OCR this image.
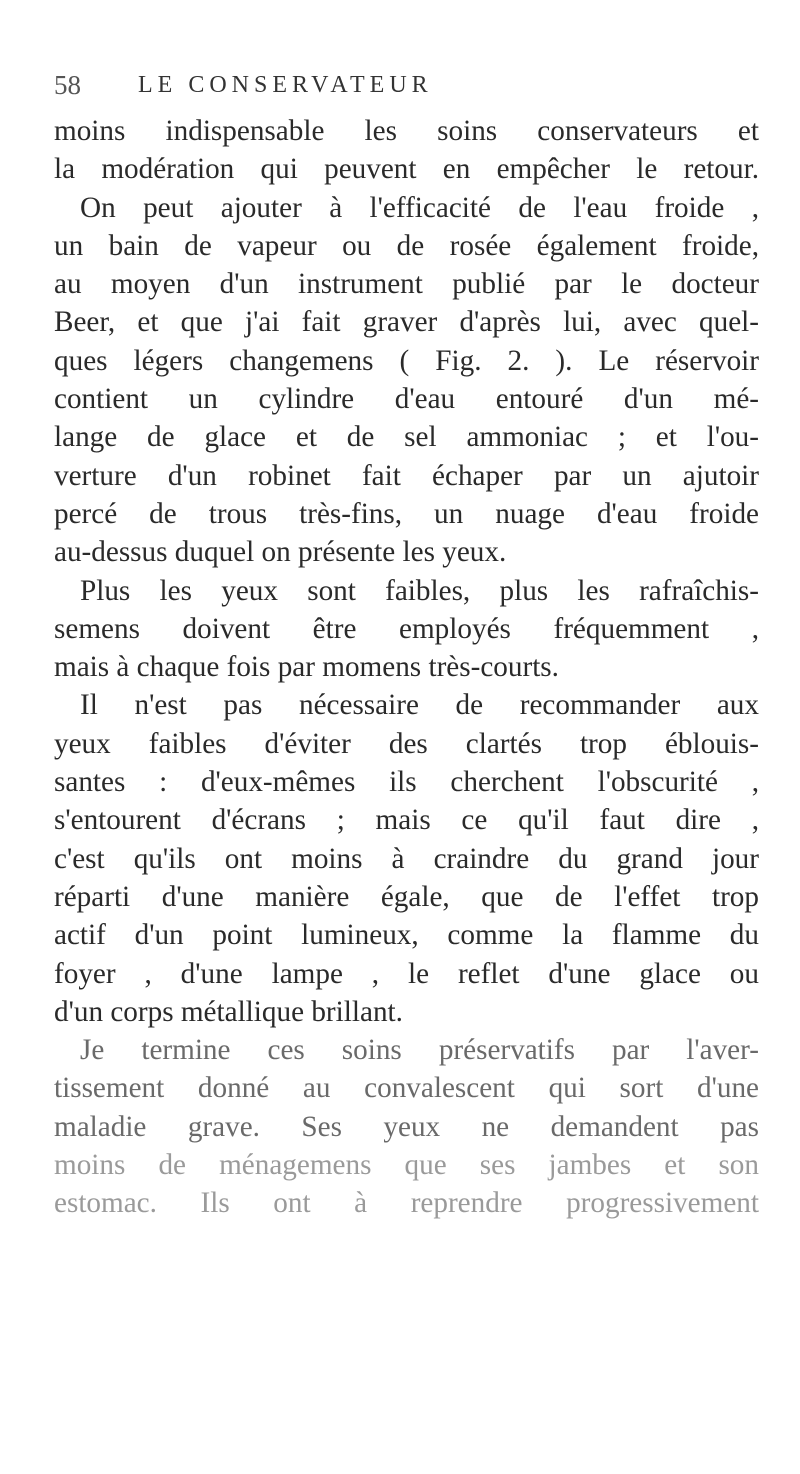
58 LE CONSERVATEUR
moins indispensable les soins conservateurs et
la modération qui peuvent en empêcher le retour.
On peut ajouter à l'efficacité de l'eau froide ,
un bain de vapeur ou de rosée également froide,
au moyen d'un instrument publié par le docteur
Beer, et que j'ai fait graver d'après lui, avec quel-
ques légers changemens ( Fig. 2. ). Le réservoir
contient un cylindre d'eau entouré d'un mé-
lange de glace et de sel ammoniac ; et l'ou-
verture d'un robinet fait échaper par un ajutoir
percé de trous très-fins, un nuage d'eau froide
au-dessus duquel on présente les yeux.
Plus les yeux sont faibles, plus les rafraîchis-
semens doivent être employés fréquemment ,
mais à chaque fois par momens très-courts.
Il n'est pas nécessaire de recommander aux
yeux faibles d'éviter des clartés trop éblouis-
santes : d'eux-mêmes ils cherchent l'obscurité ,
s'entourent d'écrans ; mais ce qu'il faut dire ,
c'est qu'ils ont moins à craindre du grand jour
réparti d'une manière égale, que de l'effet trop
actif d'un point lumineux, comme la flamme du
foyer , d'une lampe , le reflet d'une glace ou
d'un corps métallique brillant.
Je termine ces soins préservatifs par l'aver-
tissement donné au convalescent qui sort d'une
maladie grave. Ses yeux ne demandent pas
moins de ménagemens que ses jambes et son
estomac. Ils ont à reprendre progressivement
